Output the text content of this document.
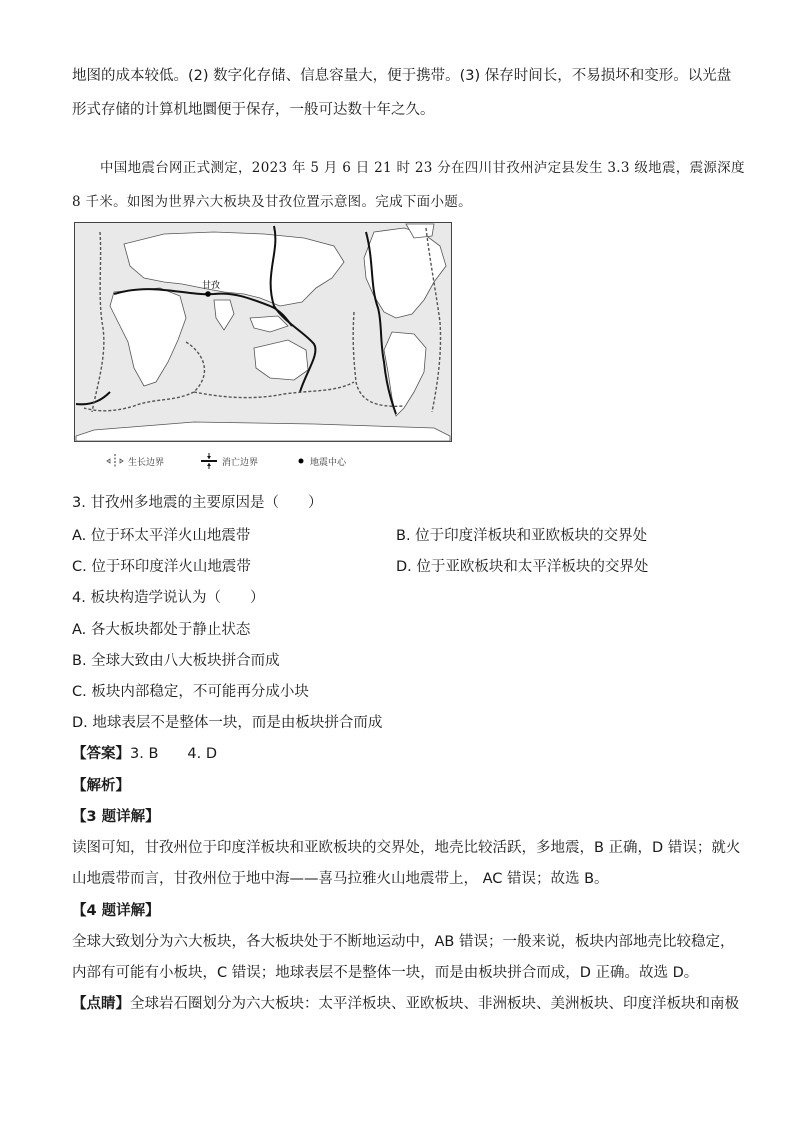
地图的成本较低。(2) 数字化存储、信息容量大，便于携带。(3) 保存时间长，不易损坏和变形。以光盘
形式存储的计算机地圜便于保存，一般可达数十年之久。
中国地震台网正式测定，2023 年 5 月 6 日 21 时 23 分在四川甘孜州泸定县发生 3.3 级地震，震源深度
8 千米。如图为世界六大板块及甘孜位置示意图。完成下面小题。
甘孜
生长边界	消亡边界	地震中心
3. 甘孜州多地震的主要原因是（　　）
A. 位于环太平洋火山地震带	B. 位于印度洋板块和亚欧板块的交界处
C. 位于环印度洋火山地震带	D. 位于亚欧板块和太平洋板块的交界处
4. 板块构造学说认为（　　）
A. 各大板块都处于静止状态
B. 全球大致由八大板块拼合而成
C. 板块内部稳定，不可能再分成小块
D. 地球表层不是整体一块，而是由板块拼合而成
【答案】3. B　　4. D
【解析】
【3 题详解】
读图可知，甘孜州位于印度洋板块和亚欧板块的交界处，地壳比较活跃，多地震，B 正确，D 错误；就火
山地震带而言，甘孜州位于地中海——喜马拉雅火山地震带上， AC 错误；故选 B。
【4 题详解】
全球大致划分为六大板块，各大板块处于不断地运动中，AB 错误；一般来说，板块内部地壳比较稳定，
内部有可能有小板块，C 错误；地球表层不是整体一块，而是由板块拼合而成，D 正确。故选 D。
【点睛】全球岩石圈划分为六大板块：太平洋板块、亚欧板块、非洲板块、美洲板块、印度洋板块和南极
